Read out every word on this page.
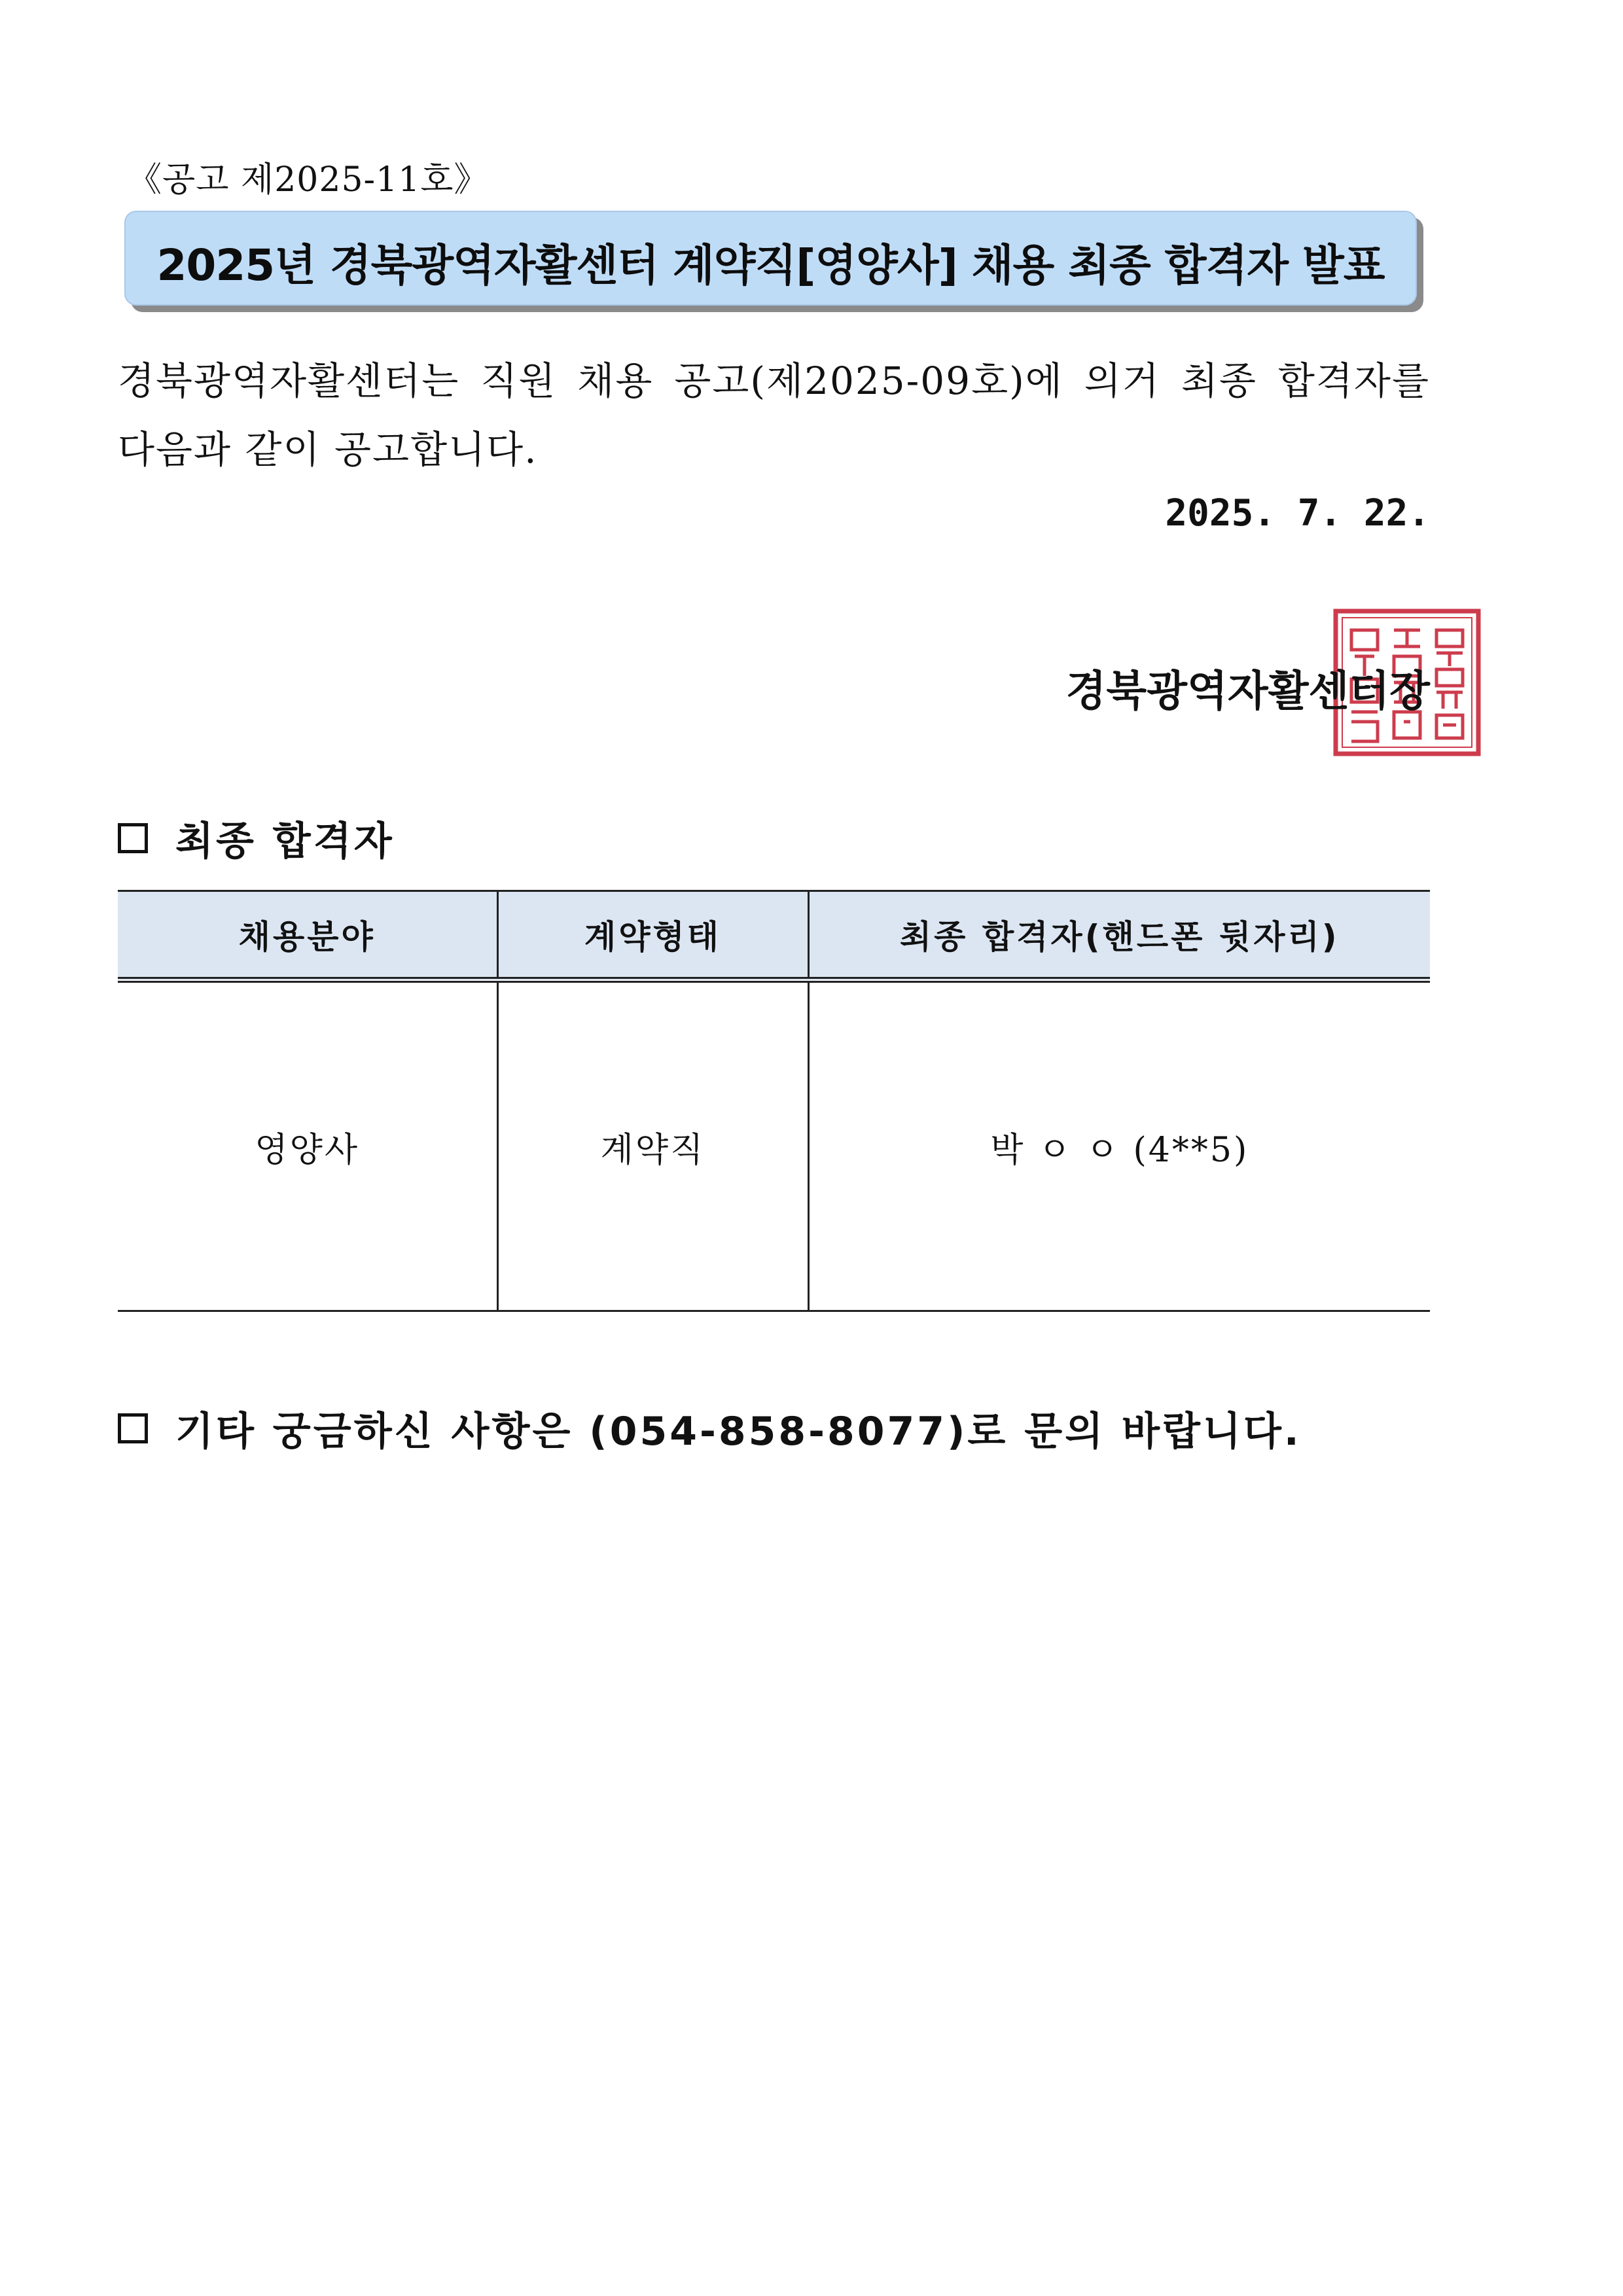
《공고 제2025-11호》
2025년 경북광역자활센터 계약직[영양사] 채용 최종 합격자 발표
경북광역자활센터는 직원 채용 공고(제2025-09호)에 의거 최종 합격자를 다음과 같이 공고합니다.
2025. 7. 22.
경북광역자활센터장
최종 합격자
채용분야	계약형태	최종 합격자(핸드폰 뒷자리)
영양사	계약직	박 ㅇ ㅇ (4**5)
기타 궁금하신 사항은 (054-858-8077)로 문의 바랍니다.
